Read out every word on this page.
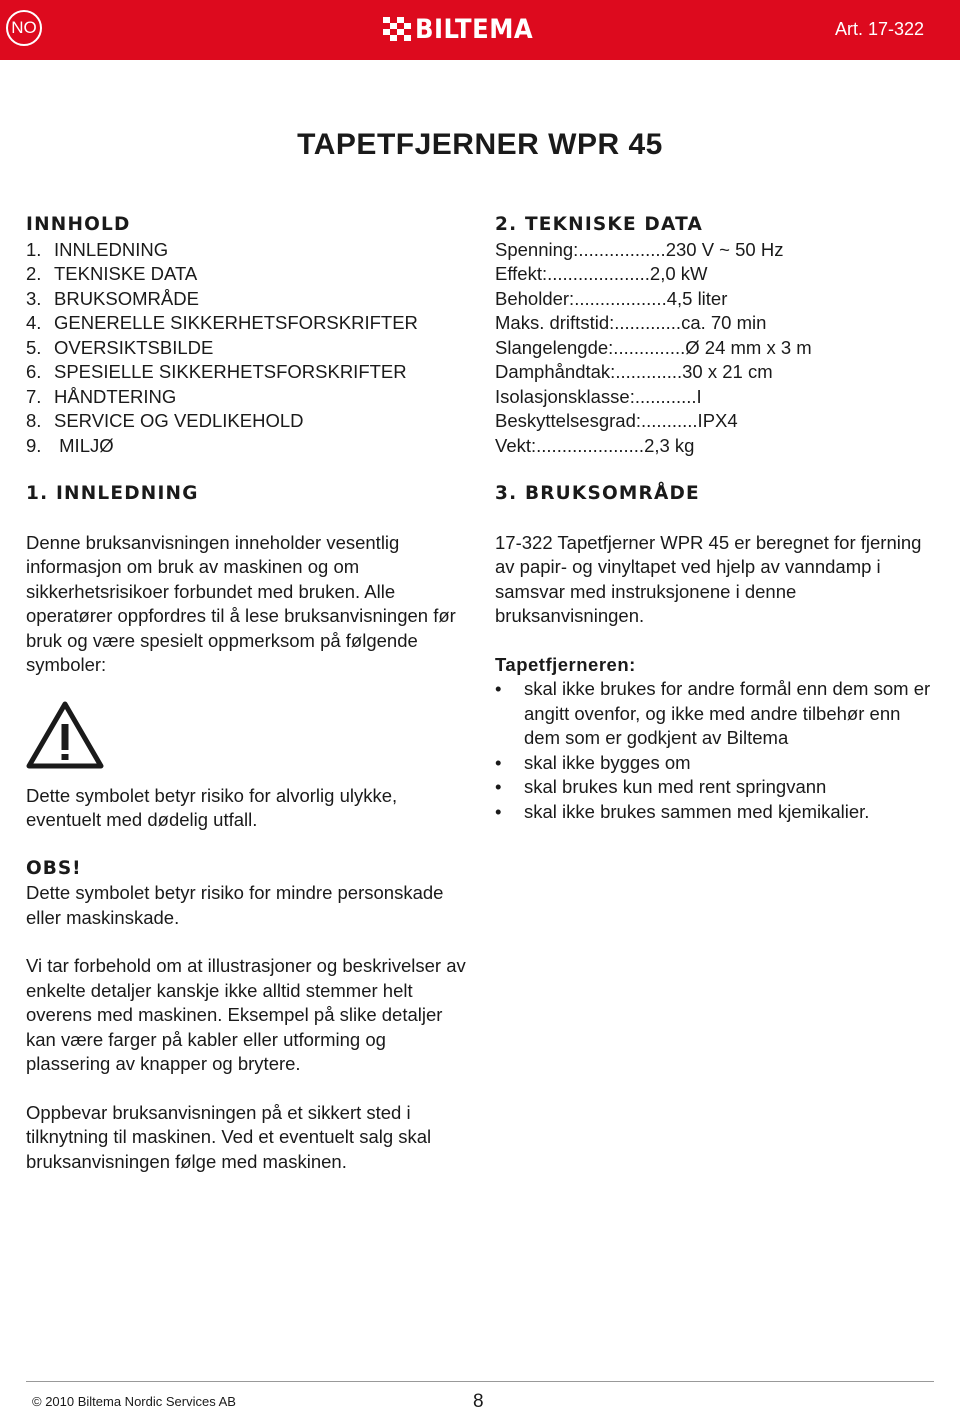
NO	BILTEMA	Art. 17-322
TAPETFJERNER WPR 45
INNHOLD
1. INNLEDNING
2. TEKNISKE DATA
3. BRUKSOMRÅDE
4. GENERELLE SIKKERHETSFORSKRIFTER
5. OVERSIKTSBILDE
6. SPESIELLE SIKKERHETSFORSKRIFTER
7. HÅNDTERING
8. SERVICE OG VEDLIKEHOLD
9. MILJØ
1. INNLEDNING

Denne bruksanvisningen inneholder vesentlig informasjon om bruk av maskinen og om sikkerhetsrisikoer forbundet med bruken. Alle operatører oppfordres til å lese bruksanvisningen før bruk og være spesielt oppmerksom på følgende symboler:

Dette symbolet betyr risiko for alvorlig ulykke, eventuelt med dødelig utfall.

OBS!

Dette symbolet betyr risiko for mindre personskade eller maskinskade.

Vi tar forbehold om at illustrasjoner og beskrivelser av enkelte detaljer kanskje ikke alltid stemmer helt overens med maskinen. Eksempel på slike detaljer kan være farger på kabler eller utforming og plassering av knapper og brytere.

Oppbevar bruksanvisningen på et sikkert sted i tilknytning til maskinen. Ved et eventuelt salg skal bruksanvisningen følge med maskinen.

2. TEKNISKE DATA
Spenning:.................230 V ~ 50 Hz
Effekt:....................2,0 kW
Beholder:..................4,5 liter
Maks. driftstid:.............ca. 70 min
Slangelengde:..............Ø 24 mm x 3 m
Damphåndtak:.............30 x 21 cm
Isolasjonsklasse:............I
Beskyttelsesgrad:...........IPX4
Vekt:.....................2,3 kg
3. BRUKSOMRÅDE

17-322 Tapetfjerner WPR 45 er beregnet for fjerning av papir- og vinyltapet ved hjelp av vanndamp i samsvar med instruksjonene i denne bruksanvisningen.

Tapetfjerneren:
•	skal ikke brukes for andre formål enn dem som er angitt ovenfor, og ikke med andre tilbehør enn dem som er godkjent av Biltema
•	skal ikke bygges om
•	skal brukes kun med rent springvann
•	skal ikke brukes sammen med kjemikalier.
© 2010 Biltema Nordic Services AB	8
